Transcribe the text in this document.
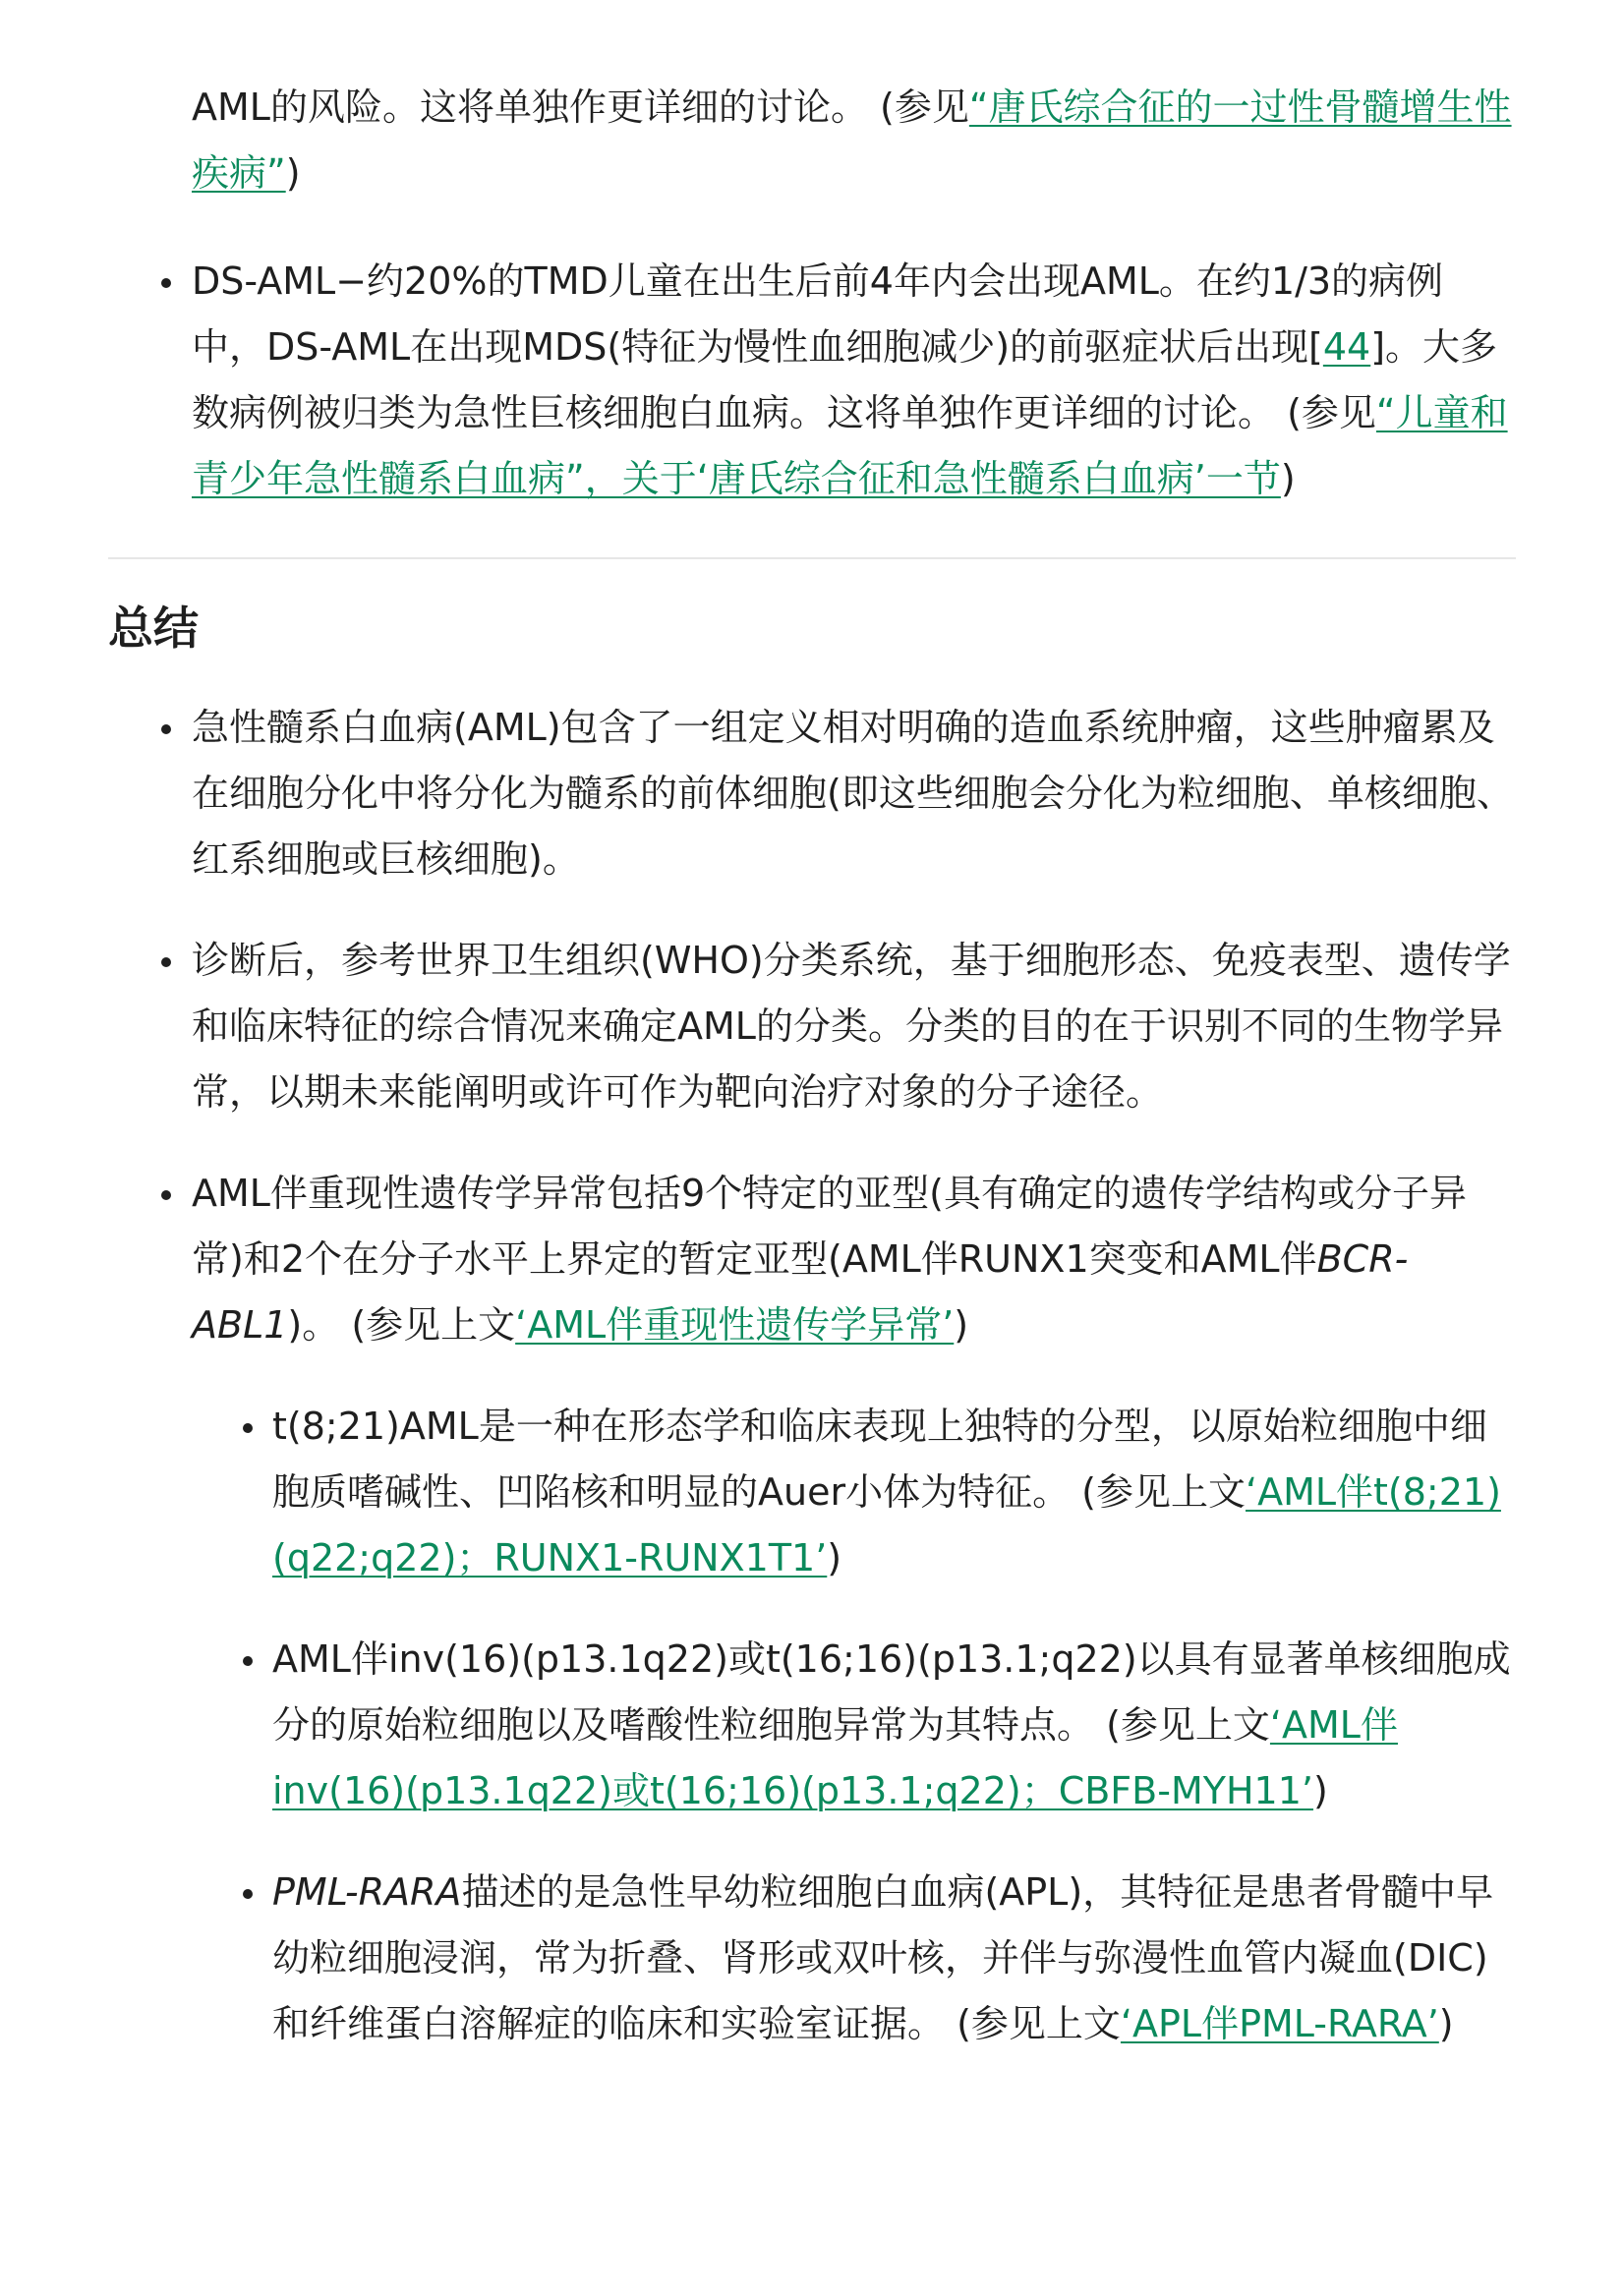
AML的风险。这将单独作更详细的讨论。 (参见“唐氏综合征的一过性骨髓增生性疾病”)

DS-AML−约20%的TMD儿童在出生后前4年内会出现AML。在约1/3的病例中，DS-AML在出现MDS(特征为慢性血细胞减少)的前驱症状后出现[44]。大多数病例被归类为急性巨核细胞白血病。这将单独作更详细的讨论。 (参见“儿童和青少年急性髓系白血病”，关于‘唐氏综合征和急性髓系白血病’一节)
总结
急性髓系白血病(AML)包含了一组定义相对明确的造血系统肿瘤，这些肿瘤累及在细胞分化中将分化为髓系的前体细胞(即这些细胞会分化为粒细胞、单核细胞、红系细胞或巨核细胞)。
诊断后，参考世界卫生组织(WHO)分类系统，基于细胞形态、免疫表型、遗传学和临床特征的综合情况来确定AML的分类。分类的目的在于识别不同的生物学异常，以期未来能阐明或许可作为靶向治疗对象的分子途径。
AML伴重现性遗传学异常包括9个特定的亚型(具有确定的遗传学结构或分子异常)和2个在分子水平上界定的暂定亚型(AML伴RUNX1突变和AML伴BCR-ABL1)。 (参见上文‘AML伴重现性遗传学异常’)
t(8;21)AML是一种在形态学和临床表现上独特的分型，以原始粒细胞中细胞质嗜碱性、凹陷核和明显的Auer小体为特征。 (参见上文‘AML伴t(8;21)(q22;q22)；RUNX1-RUNX1T1’)
AML伴inv(16)(p13.1q22)或t(16;16)(p13.1;q22)以具有显著单核细胞成分的原始粒细胞以及嗜酸性粒细胞异常为其特点。 (参见上文‘AML伴inv(16)(p13.1q22)或t(16;16)(p13.1;q22)；CBFB-MYH11’)
PML-RARA描述的是急性早幼粒细胞白血病(APL)，其特征是患者骨髓中早幼粒细胞浸润，常为折叠、肾形或双叶核，并伴与弥漫性血管内凝血(DIC)和纤维蛋白溶解症的临床和实验室证据。 (参见上文‘APL伴PML-RARA’)
